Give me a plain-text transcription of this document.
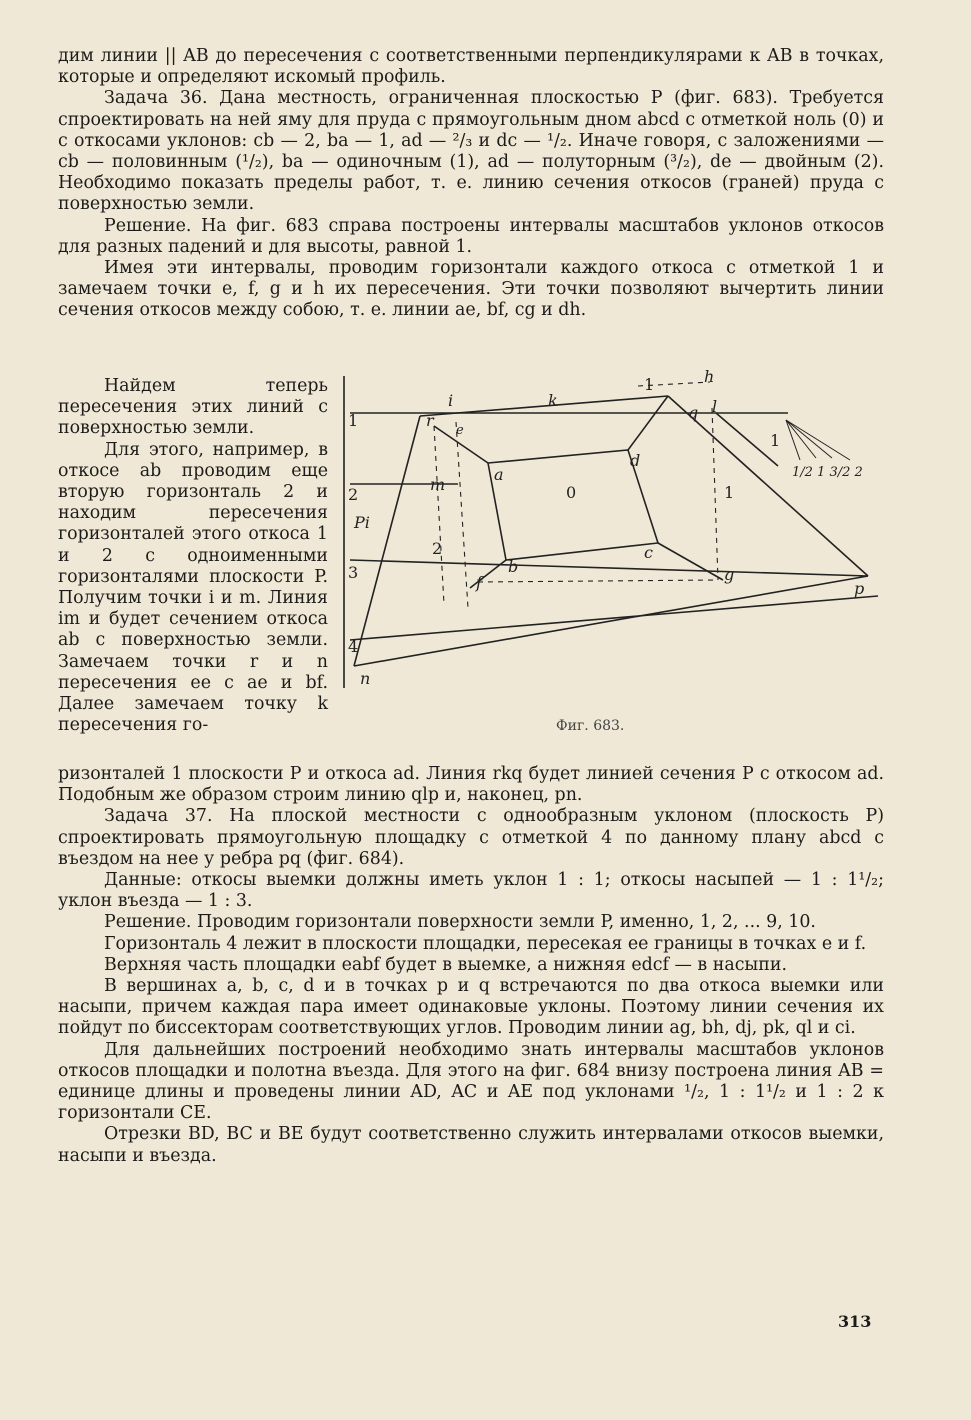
дим линии || AB до пересечения с соответственными перпендикулярами к AB в точках, которые и определяют искомый профиль.

Задача 36. Дана местность, ограниченная плоскостью P (фиг. 683). Требуется спроектировать на ней яму для пруда с прямоугольным дном abcd с отметкой ноль (0) и с откосами уклонов: cb — 2, ba — 1, ad — ²/₃ и dc — ¹/₂. Иначе говоря, с заложениями — cb — половинным (¹/₂), ba — одиночным (1), ad — полуторным (³/₂), de — двойным (2). Необходимо показать пределы работ, т. е. линию сечения откосов (граней) пруда с поверхностью земли.

Решение. На фиг. 683 справа построены интервалы масштабов уклонов откосов для разных падений и для высоты, равной 1.

Имея эти интервалы, проводим горизонтали каждого откоса с отметкой 1 и замечаем точки e, f, g и h их пересечения. Эти точки позволяют вычертить линии сечения откосов между собою, т. е. линии ae, bf, cg и dh.

Найдем теперь пересечения этих линий с поверхностью земли.

Для этого, например, в откосе ab проводим еще вторую горизонталь 2 и находим пересечения горизонталей этого откоса 1 и 2 с одноименными горизонталями плоскости P. Получим точки i и m. Линия im и будет сечением откоса ab с поверхностью земли. Замечаем точки r и n пересечения ее с ae и bf. Далее замечаем точку k пересечения го-

a
b
c
d
0
e
f	g
q
h
l
k
i
r
m
n
p
Pi
1
1
1
1
2
2
3
4
1/2 1 3/2 2
Фиг. 683.

ризонталей 1 плоскости P и откоса ad. Линия rkq будет линией сечения P с откосом ad. Подобным же образом строим линию qlp и, наконец, pn.

Задача 37. На плоской местности с однообразным уклоном (плоскость P) спроектировать прямоугольную площадку с отметкой 4 по данному плану abcd с въездом на нее у ребра pq (фиг. 684).

Данные: откосы выемки должны иметь уклон 1 : 1; откосы насыпей — 1 : 1¹/₂; уклон въезда — 1 : 3.

Решение. Проводим горизонтали поверхности земли P, именно, 1, 2, ... 9, 10.

Горизонталь 4 лежит в плоскости площадки, пересекая ее границы в точках e и f.

Верхняя часть площадки eabf будет в выемке, а нижняя edcf — в насыпи.

В вершинах a, b, c, d и в точках p и q встречаются по два откоса выемки или насыпи, причем каждая пара имеет одинаковые уклоны. Поэтому линии сечения их пойдут по биссекторам соответствующих углов. Проводим линии ag, bh, dj, pk, ql и ci.

Для дальнейших построений необходимо знать интервалы масштабов уклонов откосов площадки и полотна въезда. Для этого на фиг. 684 внизу построена линия AB = единице длины и проведены линии AD, AC и AE под уклонами ¹/₂, 1 : 1¹/₂ и 1 : 2 к горизонтали CE.

Отрезки BD, BC и BE будут соответственно служить интервалами откосов выемки, насыпи и въезда.

313
